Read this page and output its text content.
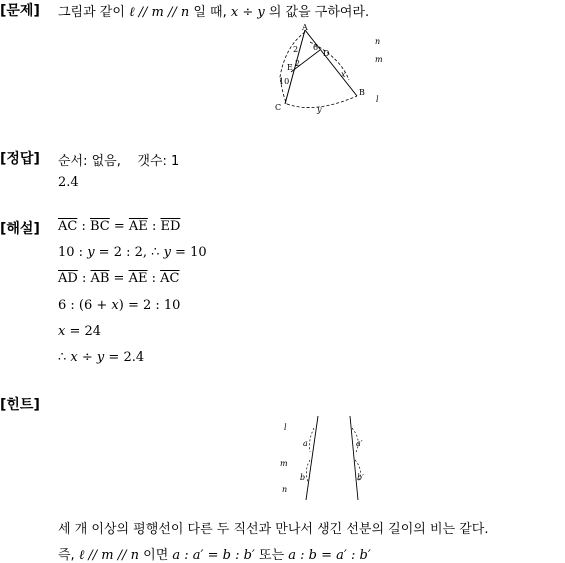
[문제] 그림과 같이 ℓ // m // n 일 때, x ÷ y 의 값을 구하여라.
A
B
C
D
E
2
2
6
10
x
y
n
m
l
[정답] 순서: 없음,    갯수: 1
2.4
[해설] $\overline{AC}$ : $\overline{BC} = \overline{AE}$ : $\overline{ED}$
10 : y = 2 : 2, ∴ y = 10
$\overline{AD}$ : $\overline{AB} = \overline{AE}$ : $\overline{AC}$
6 : (6 + x) = 2 : 10
x = 24
∴ x ÷ y = 2.4
[힌트]
l
m
n
a
b
a′
b′
세 개 이상의 평행선이 다른 두 직선과 만나서 생긴 선분의 길이의 비는 같다.
즉, ℓ // m // n 이면 a : a′ = b : b′ 또는 a : b = a′ : b′
